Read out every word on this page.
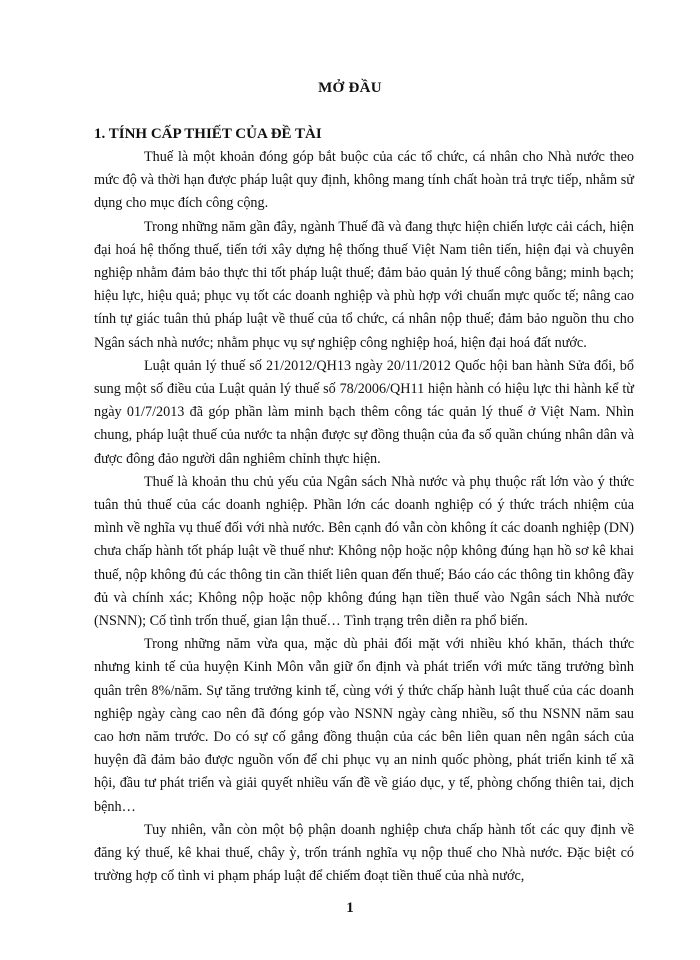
MỞ ĐẦU

1. TÍNH CẤP THIẾT CỦA ĐỀ TÀI

Thuế là một khoản đóng góp bắt buộc của các tổ chức, cá nhân cho Nhà nước theo mức độ và thời hạn được pháp luật quy định, không mang tính chất hoàn trả trực tiếp, nhằm sử dụng cho mục đích công cộng.

Trong những năm gần đây, ngành Thuế đã và đang thực hiện chiến lược cải cách, hiện đại hoá hệ thống thuế, tiến tới xây dựng hệ thống thuế Việt Nam tiên tiến, hiện đại và chuyên nghiệp nhằm đảm bảo thực thi tốt pháp luật thuế; đảm bảo quản lý thuế công bằng; minh bạch; hiệu lực, hiệu quả; phục vụ tốt các doanh nghiệp và phù hợp với chuẩn mực quốc tế; nâng cao tính tự giác tuân thủ pháp luật về thuế của tổ chức, cá nhân nộp thuế; đảm bảo nguồn thu cho Ngân sách nhà nước; nhằm phục vụ sự nghiệp công nghiệp hoá, hiện đại hoá đất nước.

Luật quản lý thuế số 21/2012/QH13 ngày 20/11/2012 Quốc hội ban hành Sửa đổi, bổ sung một số điều của Luật quản lý thuế số 78/2006/QH11 hiện hành có hiệu lực thi hành kể từ ngày 01/7/2013 đã góp phần làm minh bạch thêm công tác quản lý thuế ở Việt Nam. Nhìn chung, pháp luật thuế của nước ta nhận được sự đồng thuận của đa số quần chúng nhân dân và được đông đảo người dân nghiêm chỉnh thực hiện.

Thuế là khoản thu chủ yếu của Ngân sách Nhà nước và phụ thuộc rất lớn vào ý thức tuân thủ thuế của các doanh nghiệp. Phần lớn các doanh nghiệp có ý thức trách nhiệm của mình về nghĩa vụ thuế đối với nhà nước. Bên cạnh đó vẫn còn không ít các doanh nghiệp (DN) chưa chấp hành tốt pháp luật về thuế như: Không nộp hoặc nộp không đúng hạn hồ sơ kê khai thuế, nộp không đủ các thông tin cần thiết liên quan đến thuế; Báo cáo các thông tin không đầy đủ và chính xác; Không nộp hoặc nộp không đúng hạn tiền thuế vào Ngân sách Nhà nước (NSNN); Cố tình trốn thuế, gian lận thuế… Tình trạng trên diễn ra phổ biến.

Trong những năm vừa qua, mặc dù phải đối mặt với nhiều khó khăn, thách thức nhưng kinh tế của huyện Kinh Môn vẫn giữ ổn định và phát triển với mức tăng trưởng bình quân trên 8%/năm. Sự tăng trưởng kinh tế, cùng với ý thức chấp hành luật thuế của các doanh nghiệp ngày càng cao nên đã đóng góp vào NSNN ngày càng nhiều, số thu NSNN năm sau cao hơn năm trước. Do có sự cố gắng đồng thuận của các bên liên quan nên ngân sách của huyện đã đảm bảo được nguồn vốn để chi phục vụ an ninh quốc phòng, phát triển kinh tế xã hội, đầu tư phát triển và giải quyết nhiều vấn đề về giáo dục, y tế, phòng chống thiên tai, dịch bệnh…

Tuy nhiên, vẫn còn một bộ phận doanh nghiệp chưa chấp hành tốt các quy định về đăng ký thuế, kê khai thuế, chây ỳ, trốn tránh nghĩa vụ nộp thuế cho Nhà nước. Đặc biệt có trường hợp cố tình vi phạm pháp luật để chiếm đoạt tiền thuế của nhà nước,

1
